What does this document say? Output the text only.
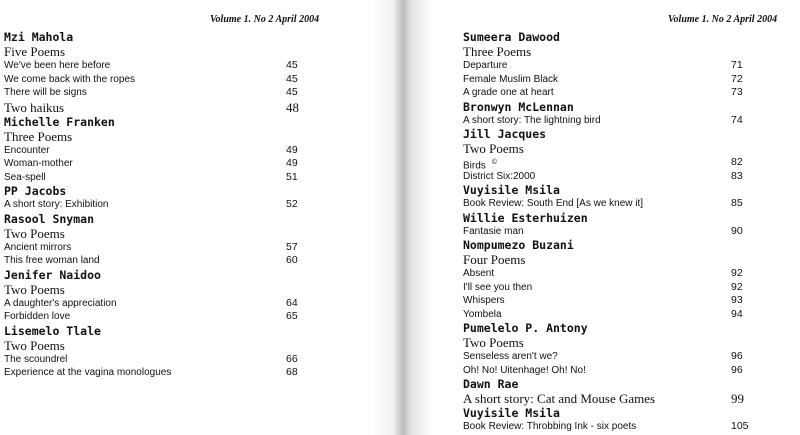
Volume 1. No 2 April 2004
Mzi Mahola
Five Poems
We've been here before	45
We come back with the ropes	45
There will be signs	45
Two haikus	48
Michelle Franken
Three Poems
Encounter	49
Woman-mother	49
Sea-spell	51
PP Jacobs
A short story: Exhibition	52
Rasool Snyman
Two Poems
Ancient mirrors	57
This free woman land	60
Jenifer Naidoo
Two Poems
A daughter's appreciation	64
Forbidden love	65
Lisemelo Tlale
Two Poems
The scoundrel	66
Experience at the vagina monologues	68
Volume 1. No 2 April 2004
Sumeera Dawood
Three Poems
Departure	71
Female Muslim Black	72
A grade one at heart	73
Bronwyn McLennan
A short story: The lightning bird	74
Jill Jacques
Two Poems
Birds ©	82
District Six:2000	83
Vuyisile Msila
Book Review: South End [As we knew it]	85
Willie Esterhuizen
Fantasie man	90
Nompumezo Buzani
Four Poems
Absent	92
I'll see you then	92
Whispers	93
Yombela	94
Pumelelo P. Antony
Two Poems
Senseless aren't we?	96
Oh! No! Uitenhage! Oh! No!	96
Dawn Rae
A short story: Cat and Mouse Games	99
Vuyisile Msila
Book Review: Throbbing Ink - six poets	105
